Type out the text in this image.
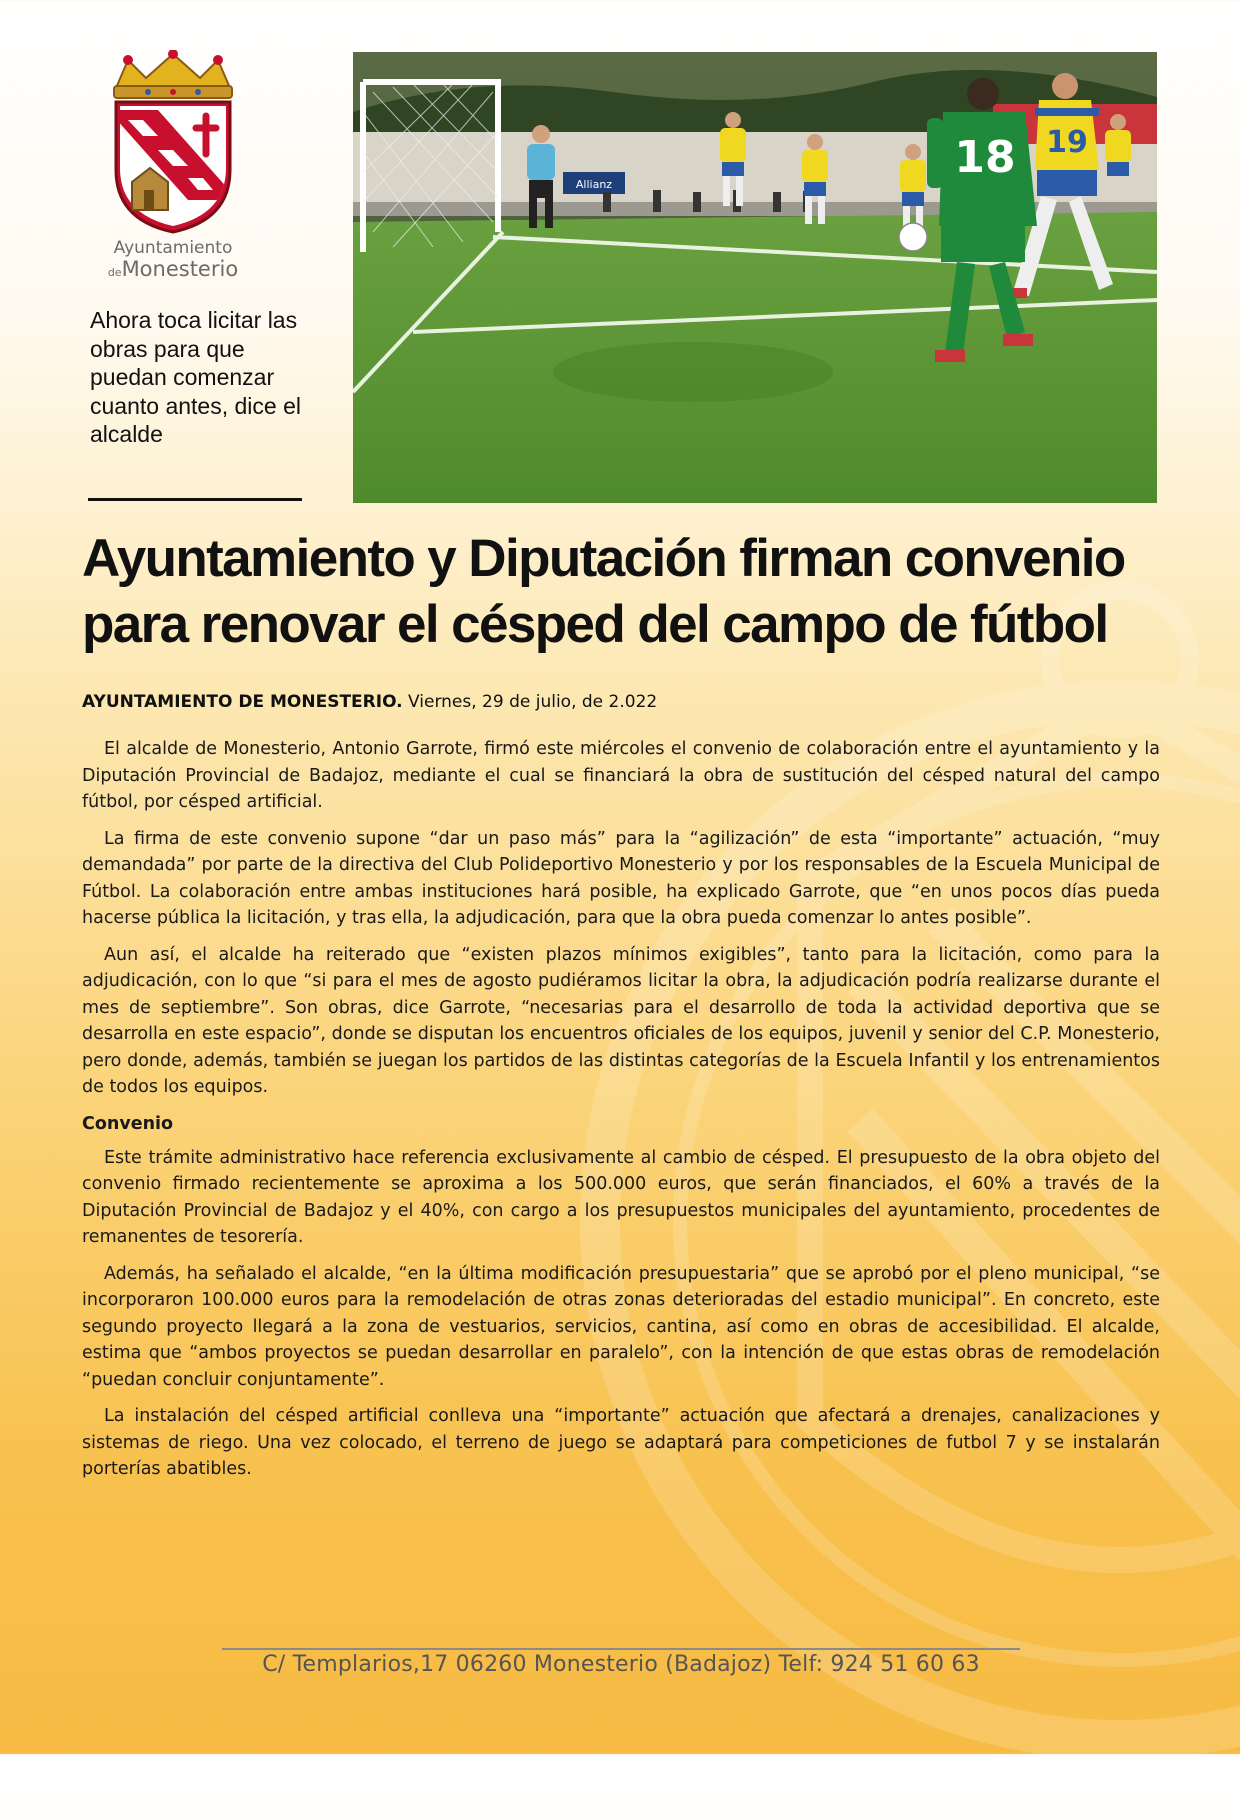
Ayuntamiento
deMonesterio
Ahora toca licitar las obras para que puedan comenzar cuanto antes, dice el alcalde
Allianz
19
18
Ayuntamiento y Diputación firman convenio para renovar el césped del campo de fútbol
AYUNTAMIENTO DE MONESTERIO. Viernes, 29 de julio, de 2.022

El alcalde de Monesterio, Antonio Garrote, firmó este miércoles el convenio de colaboración entre el ayuntamiento y la Diputación Provincial de Badajoz, mediante el cual se financiará la obra de sustitución del césped natural del campo fútbol, por césped artificial.

La firma de este convenio supone “dar un paso más” para la “agilización” de esta “importante” actuación, “muy demandada” por parte de la directiva del Club Polideportivo Monesterio y por los responsables de la Escuela Municipal de Fútbol. La colaboración entre ambas instituciones hará posible, ha explicado Garrote, que “en unos pocos días pueda hacerse pública la licitación, y tras ella, la adjudicación, para que la obra pueda comenzar lo antes posible”.

Aun así, el alcalde ha reiterado que “existen plazos mínimos exigibles”, tanto para la licitación, como para la adjudicación, con lo que “si para el mes de agosto pudiéramos licitar la obra, la adjudicación podría realizarse durante el mes de septiembre”. Son obras, dice Garrote, “necesarias para el desarrollo de toda la actividad deportiva que se desarrolla en este espacio”, donde se disputan los encuentros oficiales de los equipos, juvenil y senior del C.P. Monesterio, pero donde, además, también se juegan los partidos de las distintas categorías de la Escuela Infantil y los entrenamientos de todos los equipos.

Convenio

Este trámite administrativo hace referencia exclusivamente al cambio de césped. El presupuesto de la obra objeto del convenio firmado recientemente se aproxima a los 500.000 euros, que serán financiados, el 60% a través de la Diputación Provincial de Badajoz y el 40%, con cargo a los presupuestos municipales del ayuntamiento, procedentes de remanentes de tesorería.

Además, ha señalado el alcalde, “en la última modificación presupuestaria” que se aprobó por el pleno municipal, “se incorporaron 100.000 euros para la remodelación de otras zonas deterioradas del estadio municipal”. En concreto, este segundo proyecto llegará a la zona de vestuarios, servicios, cantina, así como en obras de accesibilidad. El alcalde, estima que “ambos proyectos se puedan desarrollar en paralelo”, con la intención de que estas obras de remodelación “puedan concluir conjuntamente”.

La instalación del césped artificial conlleva una “importante” actuación que afectará a drenajes, canalizaciones y sistemas de riego. Una vez colocado, el terreno de juego se adaptará para competiciones de futbol 7 y se instalarán porterías abatibles.

C/ Templarios,17 06260 Monesterio (Badajoz) Telf: 924 51 60 63
